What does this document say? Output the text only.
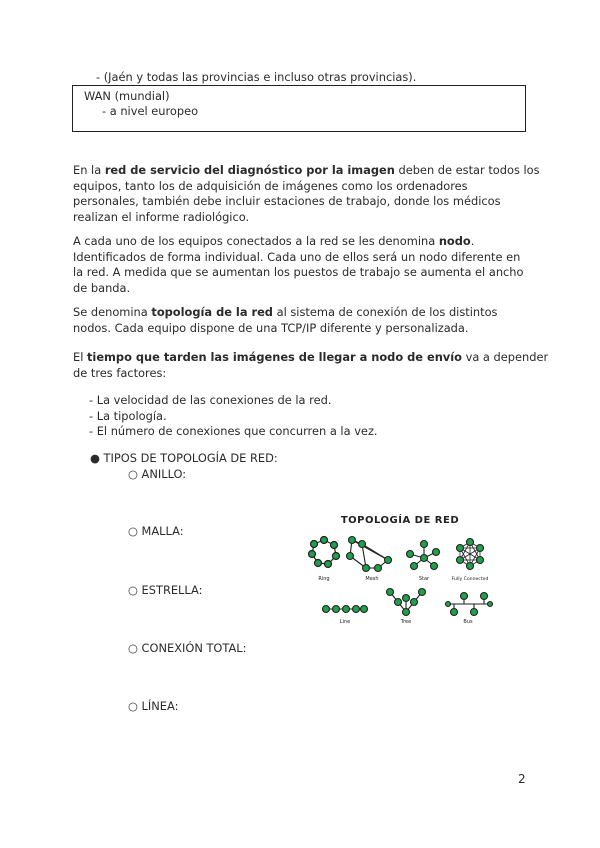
- (Jaén y todas las provincias e incluso otras provincias).
WAN (mundial)
- a nivel europeo
En la red de servicio del diagnóstico por la imagen deben de estar todos los
equipos, tanto los de adquisición de imágenes como los ordenadores
personales, también debe incluir estaciones de trabajo, donde los médicos
realizan el informe radiológico.
A cada uno de los equipos conectados a la red se les denomina nodo.
Identificados de forma individual. Cada uno de ellos será un nodo diferente en
la red. A medida que se aumentan los puestos de trabajo se aumenta el ancho
de banda.
Se denomina topología de la red al sistema de conexión de los distintos
nodos. Cada equipo dispone de una TCP/IP diferente y personalizada.
El tiempo que tarden las imágenes de llegar a nodo de envío va a depender
de tres factores:
- La velocidad de las conexiones de la red.
- La tipología.
- El número de conexiones que concurren a la vez.
● TIPOS DE TOPOLOGÍA DE RED:
○ ANILLO:
○ MALLA:
○ ESTRELLA:
○ CONEXIÓN TOTAL:
○ LÍNEA:
TOPOLOGÍA DE RED
Ring	Mesh	Star	Fully Connected
Line	Tree	Bus
2
